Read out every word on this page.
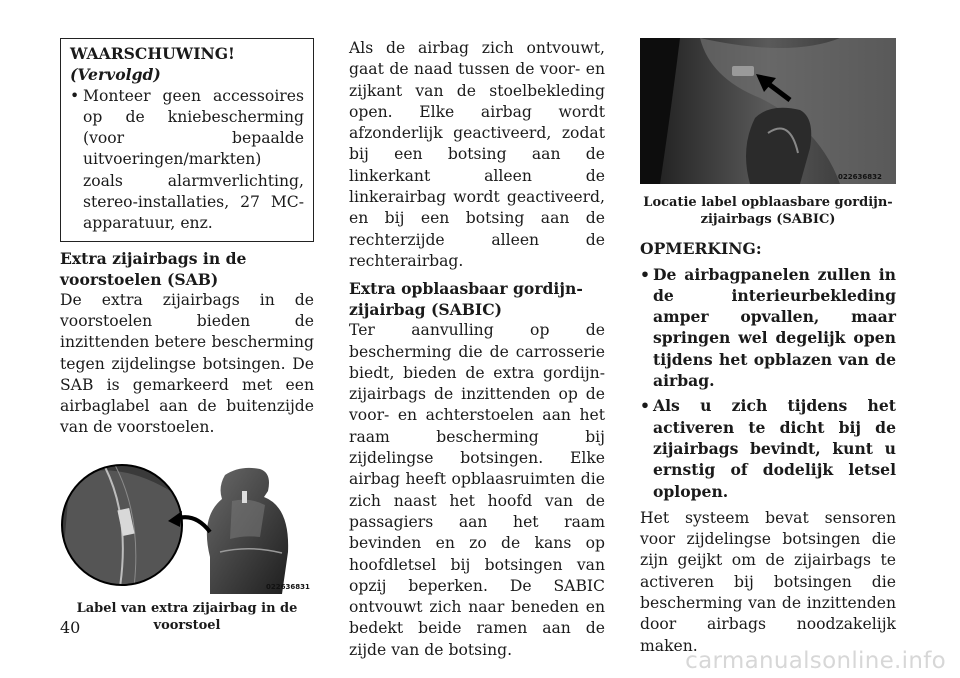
WAARSCHUWING! (Vervolgd)
• Monteer geen accessoires op de kniebescherming (voor bepaalde uitvoeringen/markten) zoals alarmverlichting, stereo-installaties, 27 MC-apparatuur, enz.
Extra zijairbags in de voorstoelen (SAB)

De extra zijairbags in de voorstoelen bieden de inzittenden betere bescherming tegen zijdelingse botsingen. De SAB is gemarkeerd met een airbaglabel aan de buitenzijde van de voorstoelen.

022636831
Label van extra zijairbag in de voorstoel

Als de airbag zich ontvouwt, gaat de naad tussen de voor- en zijkant van de stoelbekleding open. Elke airbag wordt afzonderlijk geactiveerd, zodat bij een botsing aan de linkerkant alleen de linkerairbag wordt geactiveerd, en bij een botsing aan de rechterzijde alleen de rechterairbag.

Extra opblaasbaar gordijn-zijairbag (SABIC)

Ter aanvulling op de bescherming die de carrosserie biedt, bieden de extra gordijn-zijairbags de inzittenden op de voor- en achterstoelen aan het raam bescherming bij zijdelingse botsingen. Elke airbag heeft opblaasruimten die zich naast het hoofd van de passagiers aan het raam bevinden en zo de kans op hoofdletsel bij botsingen van opzij beperken. De SABIC ontvouwt zich naar beneden en bedekt beide ramen aan de zijde van de botsing.

022636832
Locatie label opblaasbare gordijn-zijairbags (SABIC)
OPMERKING:
• De airbagpanelen zullen in de interieurbekleding amper opvallen, maar springen wel degelijk open tijdens het opblazen van de airbag.
• Als u zich tijdens het activeren te dicht bij de zijairbags bevindt, kunt u ernstig of dodelijk letsel oplopen.

Het systeem bevat sensoren voor zijdelingse botsingen die zijn geijkt om de zijairbags te activeren bij botsingen die bescherming van de inzittenden door airbags noodzakelijk maken.

40
carmanualsonline.info
